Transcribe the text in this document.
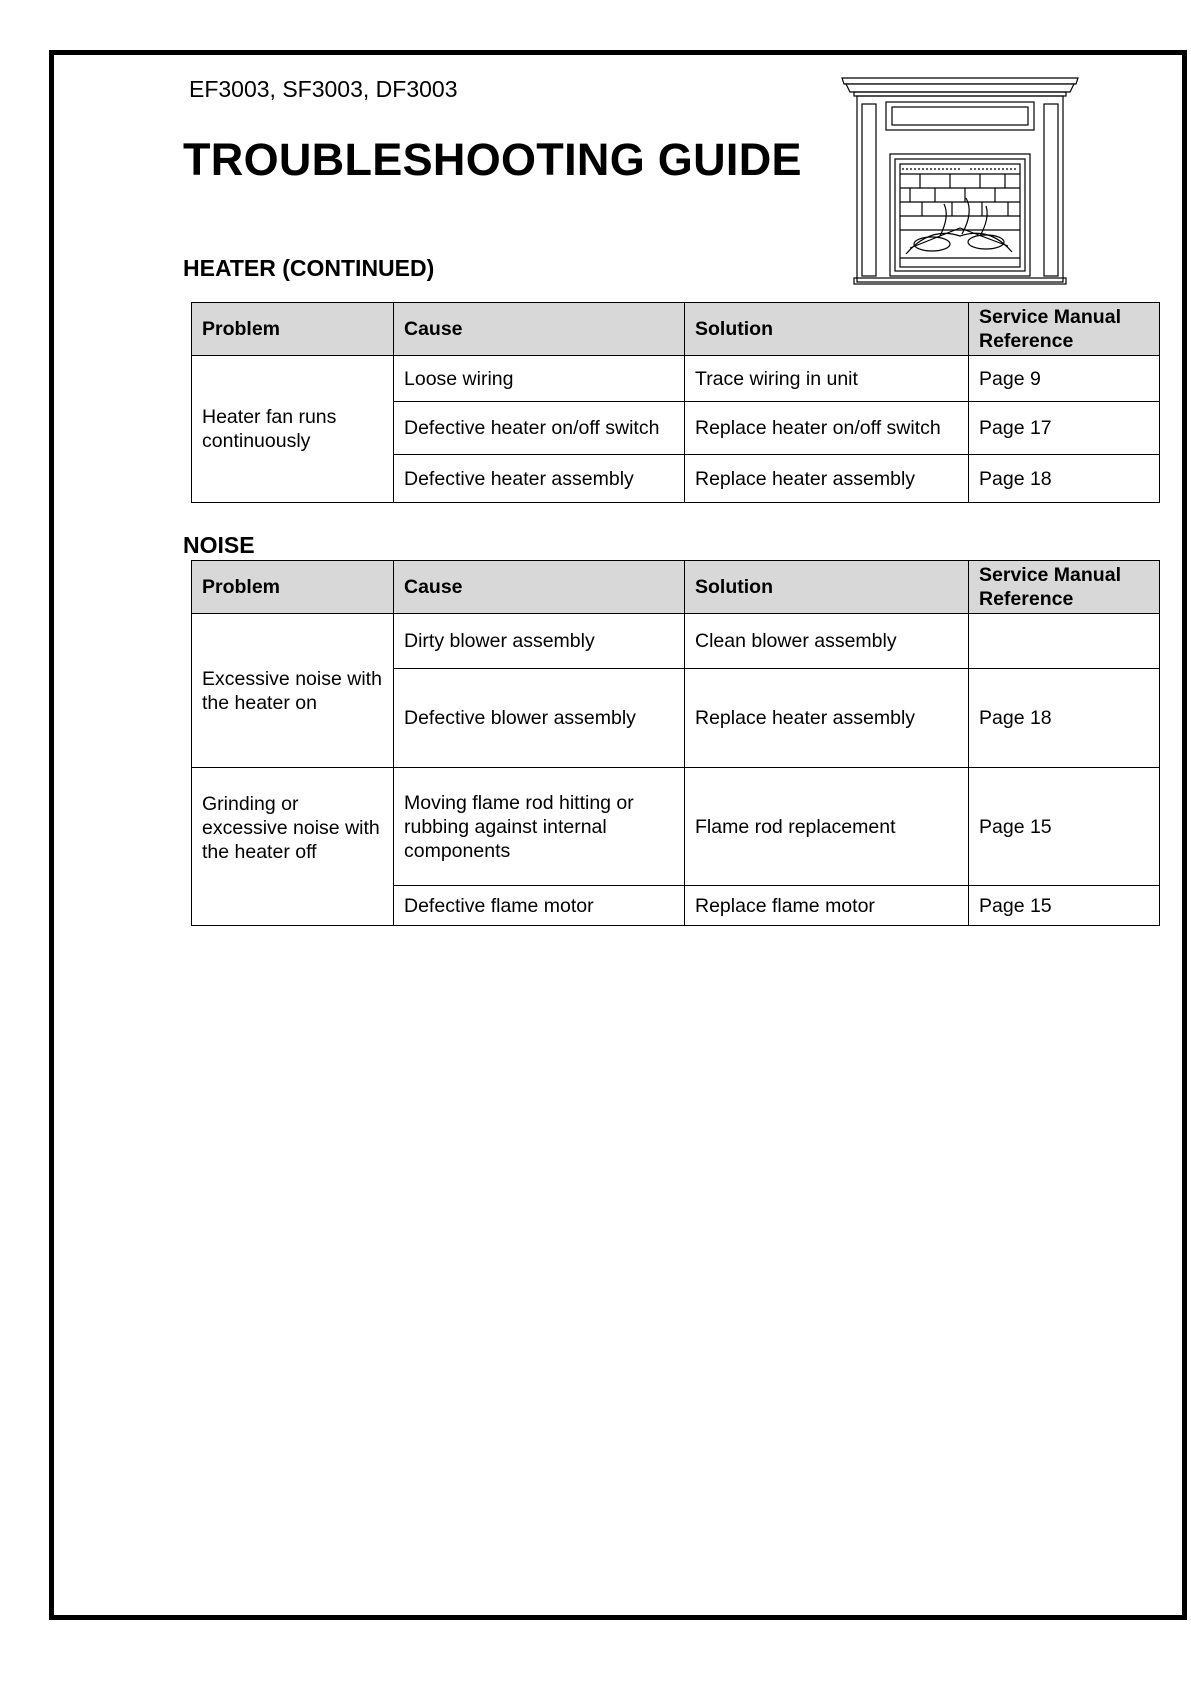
EF3003, SF3003, DF3003
TROUBLESHOOTING GUIDE
HEATER (CONTINUED)
Problem	Cause	Solution	Service Manual Reference
Heater fan runs continuously	Loose wiring	Trace wiring in unit	Page 9
	Defective heater on/off switch	Replace heater on/off switch	Page 17
	Defective heater assembly	Replace heater assembly	Page 18
NOISE
Problem	Cause	Solution	Service Manual Reference
Excessive noise with the heater on	Dirty blower assembly	Clean blower assembly	
	Defective blower assembly	Replace heater assembly	Page 18
Grinding or excessive noise with the heater off	Moving flame rod hitting or rubbing against internal components	Flame rod replacement	Page 15
	Defective flame motor	Replace flame motor	Page 15
